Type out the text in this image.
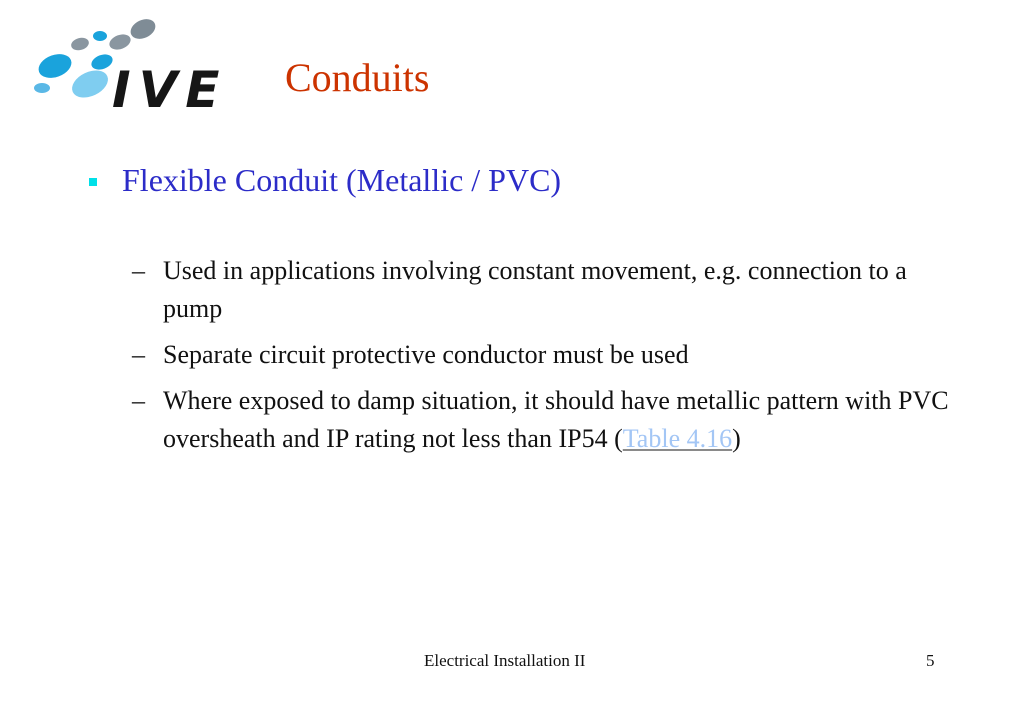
IVE Conduits
Flexible Conduit (Metallic / PVC)
– Used in applications involving constant movement, e.g. connection to a pump
– Separate circuit protective conductor must be used
– Where exposed to damp situation, it should have metallic pattern with PVC oversheath and IP rating not less than IP54 (Table 4.16)
Electrical Installation II	5
